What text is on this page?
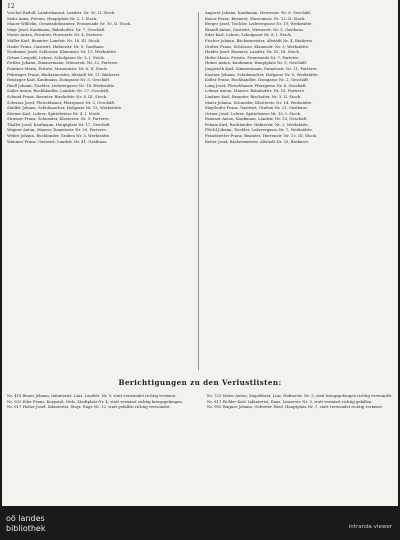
12

Vorchel Rudolf, Landesbaurat, Landstr. Nr. 35, II. Stock.

Mahr Anna, Private, Hauptplatz Nr. 2, I. Stock.

Mauer Wilhelm, Gemeindebeamter, Promenade Nr. 10, II. Stock.

Mayr Josef, Kaufmann, Bahnhofstr. Nr. 7, Geschäft.

Moser Anton, Privatier, Herrenstr. Nr. 4, Parterre.

Müller Karl, Beamter, Landstr. Nr. 18, III. Stock.

Nader Franz, Gastwirt, Hafnerstr. Nr. 9, Gasthaus.

Neubauer Josef, Schlosser, Klammstr. Nr. 15, Werkstätte.

Ortner Leopold, Lehrer, Schulgasse Nr. 3, I. Stock.

Pichler Johann, Zimmermann, Wienerstr. Nr. 22, Parterre.

Pointner Maria, Private, Museumstr. Nr. 6, II. Stock.

Pühringer Franz, Bäckermeister, Altstadt Nr. 11, Bäckerei.

Reisinger Karl, Kaufmann, Domgasse Nr. 5, Geschäft.

Riedl Johann, Tischler, Lederergasse Nr. 14, Werkstätte.

Sailer Anton, Buchhändler, Landstr. Nr. 27, Geschäft.

Schmid Franz, Beamter, Bischofstr. Nr. 8, III. Stock.

Schwarz Josef, Fleischhauer, Pfarrgasse Nr. 2, Geschäft.

Stadler Johann, Schuhmacher, Hofgasse Nr. 12, Werkstätte.

Steiner Karl, Lehrer, Spittelwiese Nr. 4, I. Stock.

Strasser Franz, Schneider, Klosterstr. Nr. 9, Parterre.

Thaller Josef, Kaufmann, Hauptplatz Nr. 17, Geschäft.

Wagner Anton, Maurer, Dametzstr. Nr. 20, Parterre.

Weber Johann, Buchbinder, Graben Nr. 3, Werkstätte.

Wimmer Franz, Gastwirt, Landstr. Nr. 41, Gasthaus.

Angerer Johann, Kaufmann, Herrenstr. Nr. 6, Geschäft.

Bauer Franz, Beamter, Museumstr. Nr. 12, II. Stock.

Berger Josef, Tischler, Lederergasse Nr. 19, Werkstätte.

Brandl Anton, Gastwirt, Wienerstr. Nr. 5, Gasthaus.

Eder Karl, Lehrer, Schulgasse Nr. 8, I. Stock.

Fischer Johann, Bäckermeister, Altstadt Nr. 4, Bäckerei.

Gruber Franz, Schlosser, Klammstr. Nr. 3, Werkstätte.

Haider Josef, Beamter, Landstr. Nr. 52, III. Stock.

Hofer Maria, Private, Promenade Nr. 7, Parterre.

Huber Anton, Kaufmann, Hauptplatz Nr. 9, Geschäft.

Jungwirth Karl, Zimmermann, Dametzstr. Nr. 11, Parterre.

Kastner Johann, Schuhmacher, Hofgasse Nr. 6, Werkstätte.

Koller Franz, Buchhändler, Domgasse Nr. 2, Geschäft.

Lang Josef, Fleischhauer, Pfarrgasse Nr. 8, Geschäft.

Lehner Anton, Maurer, Bahnhofstr. Nr. 16, Parterre.

Lindner Karl, Beamter, Bischofstr. Nr. 3, II. Stock.

Maier Johann, Schneider, Klosterstr. Nr. 14, Werkstätte.

Mayrhofer Franz, Gastwirt, Graben Nr. 21, Gasthaus.

Ortner Josef, Lehrer, Spittelwiese Nr. 10, I. Stock.

Pammer Anton, Kaufmann, Landstr. Nr. 33, Geschäft.

Peham Karl, Buchbinder, Hafnerstr. Nr. 2, Werkstätte.

Plöchl Johann, Tischler, Lederergasse Nr. 7, Werkstätte.

Prandstetter Franz, Beamter, Herrenstr. Nr. 15, III. Stock.

Reiter Josef, Bäckermeister, Altstadt Nr. 20, Bäckerei.

Berichtigungen zu den Verlustlisten:

Nr. 418 Bauer Johann, Infanterist, Linz, Landstr. Nr. 9, statt verwundet richtig vermisst.

Nr. 502 Eder Franz, Korporal, Wels, Stadtplatz Nr. 4, statt vermisst richtig kriegsgefangen.

Nr. 617 Huber Josef, Infanterist, Steyr, Enge Nr. 12, statt gefallen richtig verwundet.

Nr. 723 Maier Anton, Zugsführer, Linz, Hafnerstr. Nr. 5, statt kriegsgefangen richtig verwundet.

Nr. 811 Pichler Karl, Infanterist, Enns, Linzerstr. Nr. 3, statt vermisst richtig gefallen.

Nr. 905 Wagner Johann, Gefreiter, Ried, Hauptplatz Nr. 7, statt verwundet richtig vermisst.

oö landes
bibliothek	intranda viewer
